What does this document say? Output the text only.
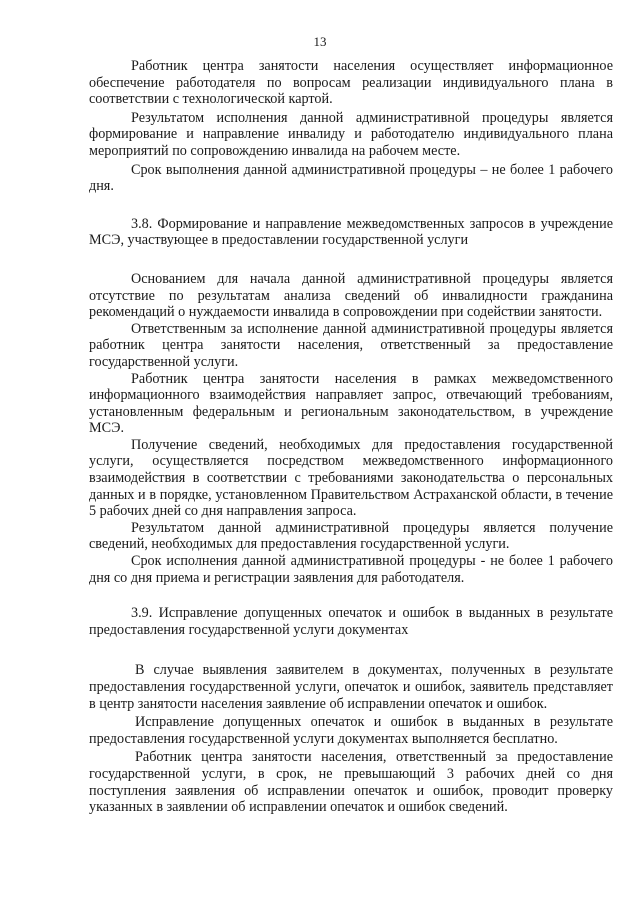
13

Работник центра занятости населения осуществляет информационное обеспечение работодателя по вопросам реализации индивидуального плана в соответствии с технологической картой.

Результатом исполнения данной административной процедуры является формирование и направление инвалиду и работодателю индивидуального плана мероприятий по сопровождению инвалида на рабочем месте.

Срок выполнения данной административной процедуры – не более 1 рабочего дня.

3.8. Формирование и направление межведомственных запросов в учреждение МСЭ, участвующее в предоставлении государственной услуги

Основанием для начала данной административной процедуры является отсутствие по результатам анализа сведений об инвалидности гражданина рекомендаций о нуждаемости инвалида в сопровождении при содействии занятости.

Ответственным за исполнение данной административной процедуры является работник центра занятости населения, ответственный за предоставление государственной услуги.

Работник центра занятости населения в рамках межведомственного информационного взаимодействия направляет запрос, отвечающий требованиям, установленным федеральным и региональным законодательством, в учреждение МСЭ.

Получение сведений, необходимых для предоставления государственной услуги, осуществляется посредством межведомственного информационного взаимодействия в соответствии с требованиями законодательства о персональных данных и в порядке, установленном Правительством Астраханской области, в течение 5 рабочих дней со дня направления запроса.

Результатом данной административной процедуры является получение сведений, необходимых для предоставления государственной услуги.

Срок исполнения данной административной процедуры - не более 1 рабочего дня со дня приема и регистрации заявления для работодателя.

3.9. Исправление допущенных опечаток и ошибок в выданных в результате предоставления государственной услуги документах

В случае выявления заявителем в документах, полученных в результате предоставления государственной услуги, опечаток и ошибок, заявитель представляет в центр занятости населения заявление об исправлении опечаток и ошибок.

Исправление допущенных опечаток и ошибок в выданных в результате предоставления государственной услуги документах выполняется бесплатно.

Работник центра занятости населения, ответственный за предоставление государственной услуги, в срок, не превышающий 3 рабочих дней со дня поступления заявления об исправлении опечаток и ошибок, проводит проверку указанных в заявлении об исправлении опечаток и ошибок сведений.
